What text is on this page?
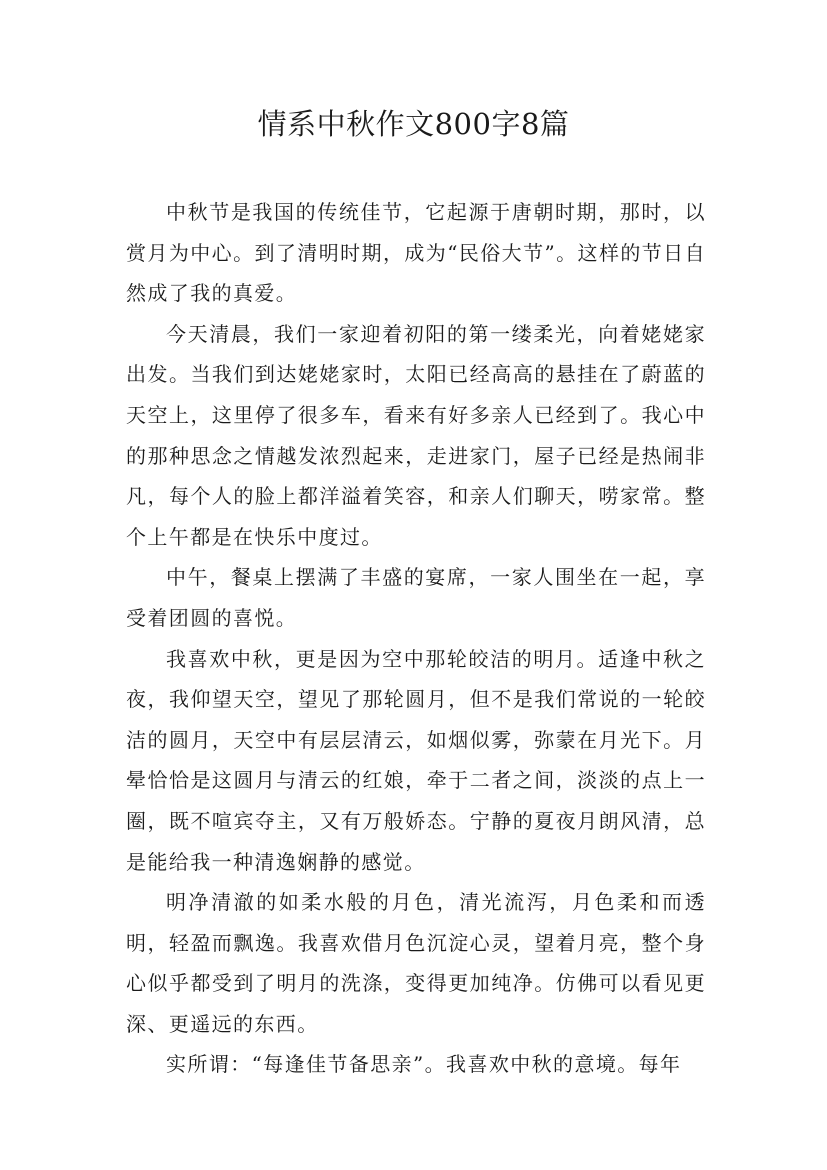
情系中秋作文800字8篇

中秋节是我国的传统佳节，它起源于唐朝时期，那时，以赏月为中心。到了清明时期，成为“民俗大节”。这样的节日自然成了我的真爱。

今天清晨，我们一家迎着初阳的第一缕柔光，向着姥姥家出发。当我们到达姥姥家时，太阳已经高高的悬挂在了蔚蓝的天空上，这里停了很多车，看来有好多亲人已经到了。我心中的那种思念之情越发浓烈起来，走进家门，屋子已经是热闹非凡，每个人的脸上都洋溢着笑容，和亲人们聊天，唠家常。整个上午都是在快乐中度过。

中午，餐桌上摆满了丰盛的宴席，一家人围坐在一起，享受着团圆的喜悦。

我喜欢中秋，更是因为空中那轮皎洁的明月。适逢中秋之夜，我仰望天空，望见了那轮圆月，但不是我们常说的一轮皎洁的圆月，天空中有层层清云，如烟似雾，弥蒙在月光下。月晕恰恰是这圆月与清云的红娘，牵于二者之间，淡淡的点上一圈，既不喧宾夺主，又有万般娇态。宁静的夏夜月朗风清，总是能给我一种清逸娴静的感觉。

明净清澈的如柔水般的月色，清光流泻，月色柔和而透明，轻盈而飘逸。我喜欢借月色沉淀心灵，望着月亮，整个身心似乎都受到了明月的洗涤，变得更加纯净。仿佛可以看见更深、更遥远的东西。

实所谓：“每逢佳节备思亲”。我喜欢中秋的意境。每年
